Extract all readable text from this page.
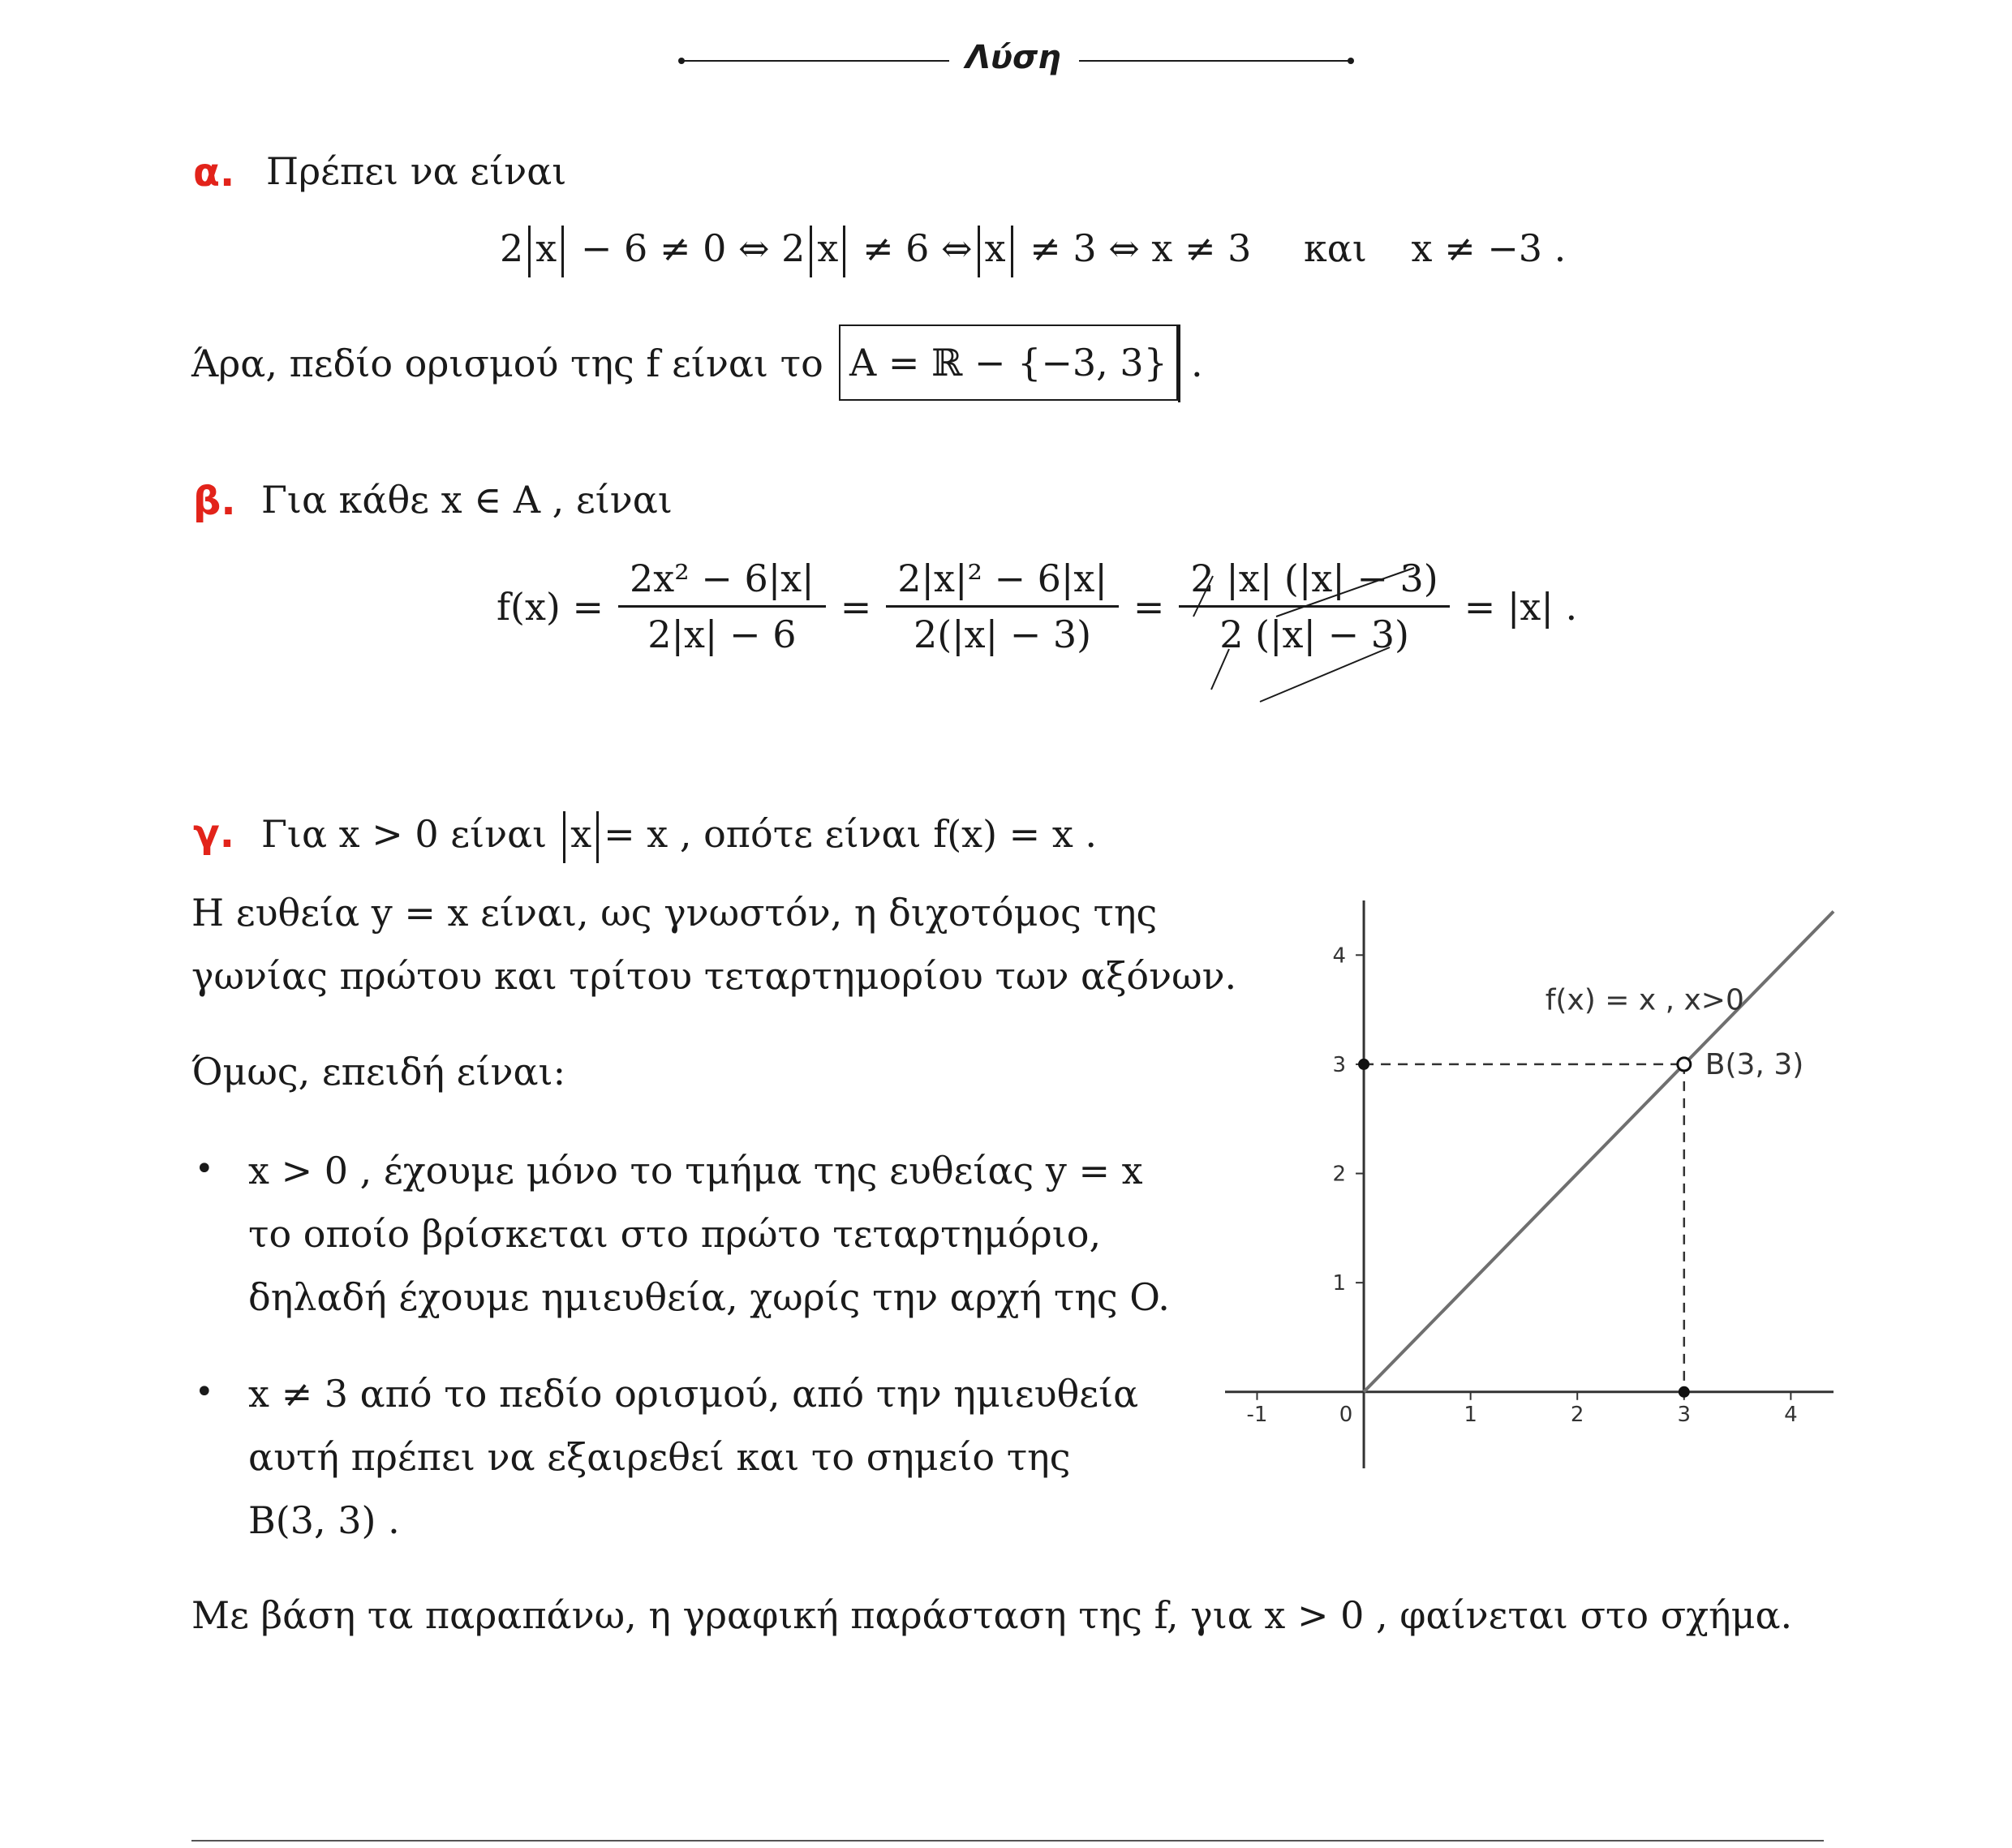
Λύση
α. Πρέπει να είναι
2 x − 6 ≠ 0 ⇔ 2 x ≠ 6 ⇔ x ≠ 3 ⇔ x ≠ 3 και x ≠ −3 .
Άρα, πεδίο ορισμού της f είναι το A = ℝ − {−3, 3} .
β. Για κάθε x ∈ A , είναι
$f(x) = \frac{\text{2x² − 6|x|}}{2|x| - 6} = \frac{\text{2|x|² − 6|x|}}{2(|x| - 3)} = \frac{2 |x| (|x| - 3)}{2 (|x| - 3)} = |x|$ .
γ. Για x > 0 είναι x = x , οπότε είναι f(x) = x .
Η ευθεία y = x είναι, ως γνωστόν, η διχοτόμος της
γωνίας πρώτου και τρίτου τεταρτημορίου των αξόνων.
Όμως, επειδή είναι:
• x > 0 , έχουμε μόνο το τμήμα της ευθείας y = x
το οποίο βρίσκεται στο πρώτο τεταρτημόριο,
δηλαδή έχουμε ημιευθεία, χωρίς την αρχή της O.
• x ≠ 3 από το πεδίο ορισμού, από την ημιευθεία
αυτή πρέπει να εξαιρεθεί και το σημείο της
B(3, 3) .
Με βάση τα παραπάνω, η γραφική παράσταση της f, για x > 0 , φαίνεται στο σχήμα.
-1	0	1	2	3	4
1
2
3
4
f(x) = x , x>0
B(3, 3)
